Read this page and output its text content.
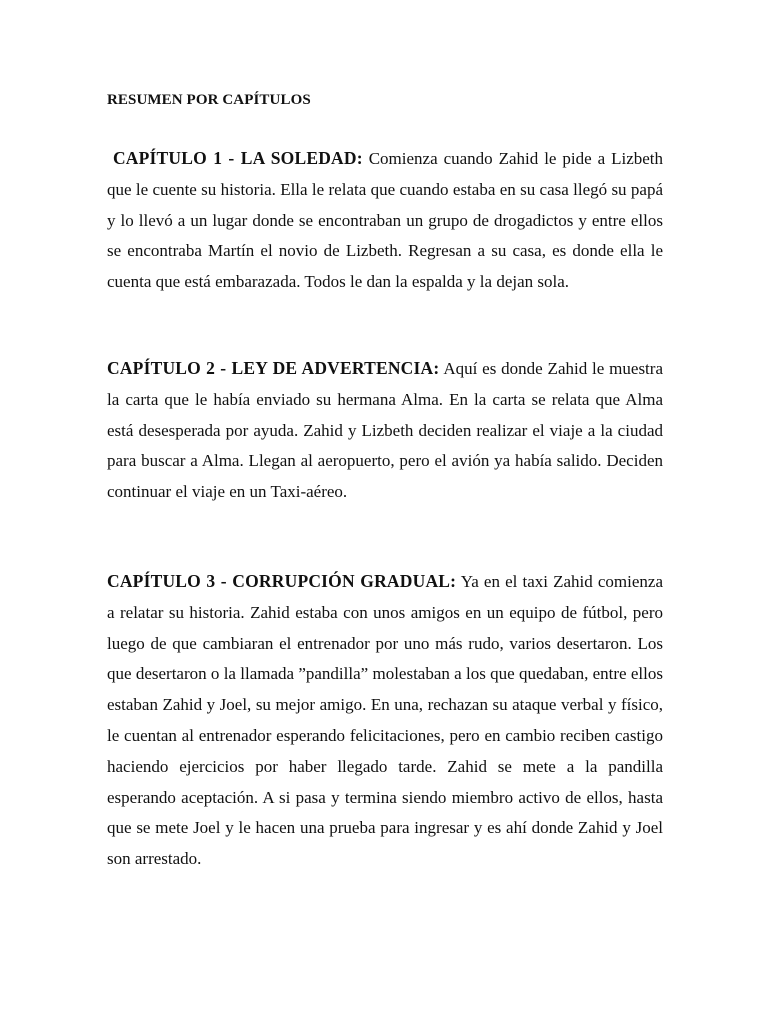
RESUMEN POR CAPÍTULOS

CAPÍTULO 1 - LA SOLEDAD: Comienza cuando Zahid le pide a Lizbeth que le cuente su historia. Ella le relata que cuando estaba en su casa llegó su papá y lo llevó a un lugar donde se encontraban un grupo de drogadictos y entre ellos se encontraba Martín el novio de Lizbeth. Regresan a su casa, es donde ella le cuenta que está embarazada. Todos le dan la espalda y la dejan sola.

CAPÍTULO 2 - LEY DE ADVERTENCIA: Aquí es donde Zahid le muestra la carta que le había enviado su hermana Alma. En la carta se relata que Alma está desesperada por ayuda. Zahid y Lizbeth deciden realizar el viaje a la ciudad para buscar a Alma. Llegan al aeropuerto, pero el avión ya había salido. Deciden continuar el viaje en un Taxi-aéreo.

CAPÍTULO 3 - CORRUPCIÓN GRADUAL: Ya en el taxi Zahid comienza a relatar su historia. Zahid estaba con unos amigos en un equipo de fútbol, pero luego de que cambiaran el entrenador por uno más rudo, varios desertaron. Los que desertaron o la llamada ”pandilla” molestaban a los que quedaban, entre ellos estaban Zahid y Joel, su mejor amigo. En una, rechazan su ataque verbal y físico, le cuentan al entrenador esperando felicitaciones, pero en cambio reciben castigo haciendo ejercicios por haber llegado tarde. Zahid se mete a la pandilla esperando aceptación. A si pasa y termina siendo miembro activo de ellos, hasta que se mete Joel y le hacen una prueba para ingresar y es ahí donde Zahid y Joel son arrestado.
